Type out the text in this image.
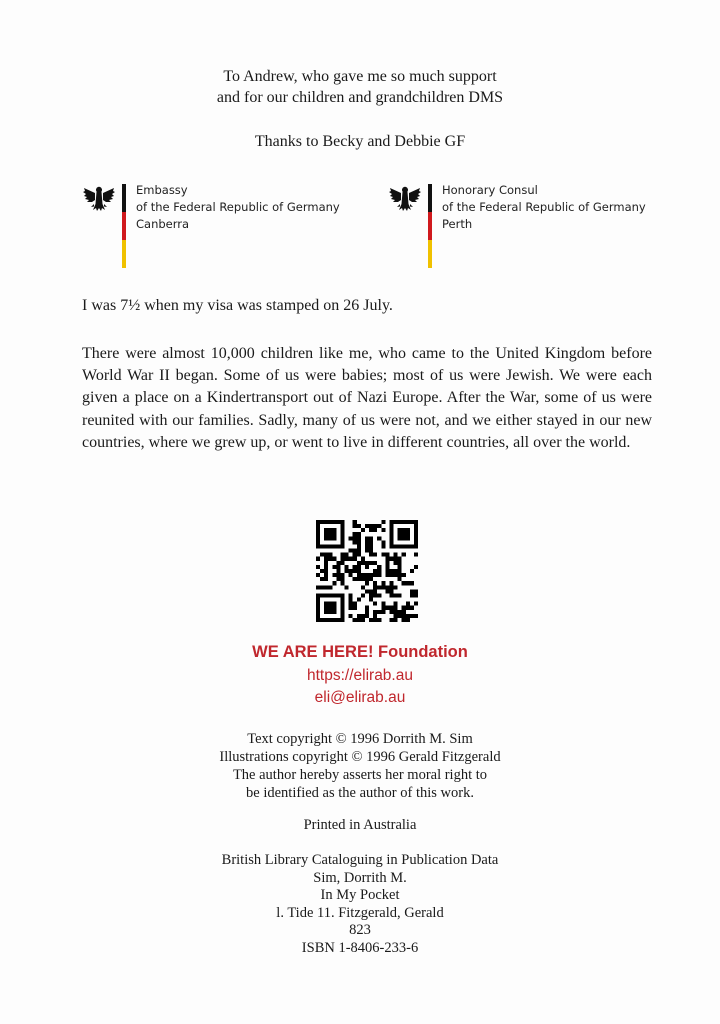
To Andrew, who gave me so much support
and for our children and grandchildren DMS
Thanks to Becky and Debbie GF
Embassy
of the Federal Republic of Germany
Canberra
Honorary Consul
of the Federal Republic of Germany
Perth
I was 7½ when my visa was stamped on 26 July.
There were almost 10,000 children like me, who came to the United Kingdom before World War II began. Some of us were babies; most of us were Jewish. We were each given a place on a Kindertransport out of Nazi Europe. After the War, some of us were reunited with our families. Sadly, many of us were not, and we either stayed in our new countries, where we grew up, or went to live in different countries, all over the world.
WE ARE HERE! Foundation
https://elirab.au
eli@elirab.au
Text copyright © 1996 Dorrith M. Sim
Illustrations copyright © 1996 Gerald Fitzgerald
The author hereby asserts her moral right to
be identified as the author of this work.
Printed in Australia
British Library Cataloguing in Publication Data
Sim, Dorrith M.
In My Pocket
l. Tide 11. Fitzgerald, Gerald
823
ISBN 1-8406-233-6
